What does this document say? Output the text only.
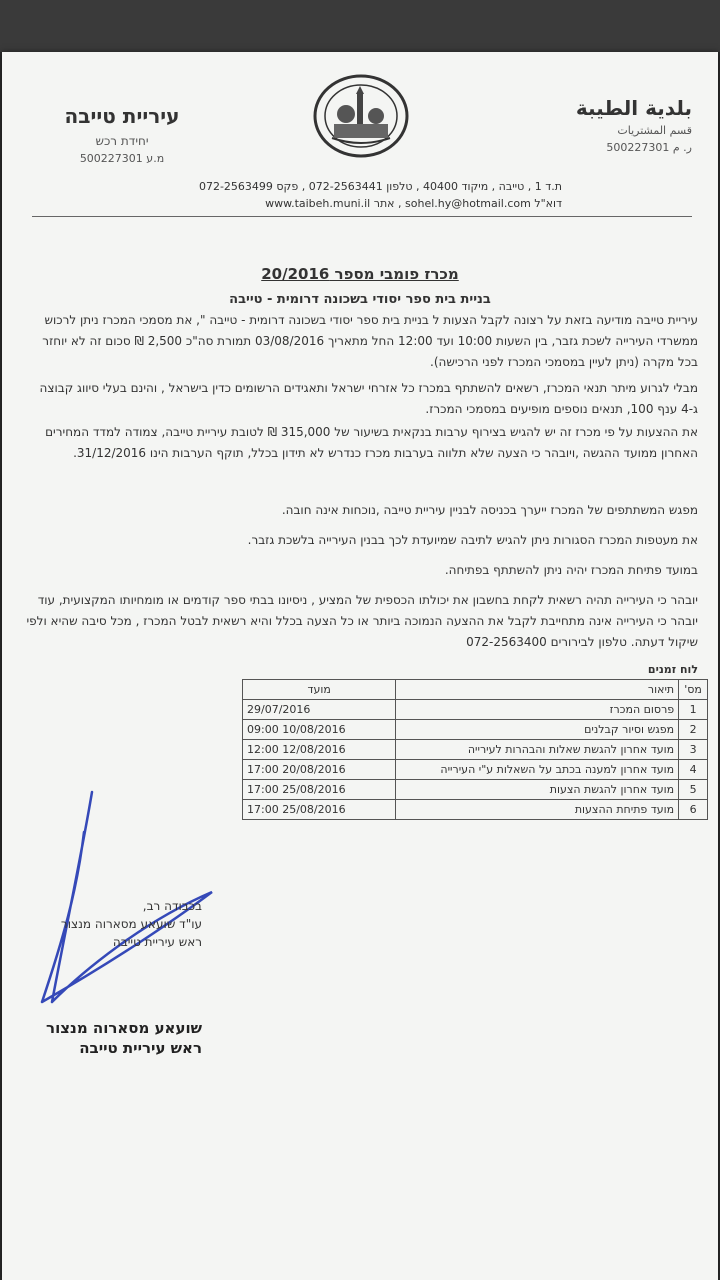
بلدية الطيبة
قسم المشتريات
ر. م 500227301
עיריית טייבה
יחידת רכש
מ.ע 500227301
ת.ד 1 , טייבה , מיקוד 40400 , טלפון 072-2563441 , פקס 072-2563499
דוא"ל sohel.hy@hotmail.com , אתר www.taibeh.muni.il
מכרז פומבי מספר 20/2016
בניית בית ספר יסודי בשכונה דרומית - טייבה
עיריית טייבה מודיעה בזאת על רצונה לקבל הצעות ל בניית בית ספר יסודי בשכונה דרומית - טייבה ", את מסמכי המכרז ניתן לרכוש ממשרדי העירייה לשכת גזבר, בין השעות 10:00 ועד 12:00 החל מתאריך 03/08/2016 תמורת סה"כ 2,500 ₪ סכום זה לא יוחזר בכל מקרה (ניתן לעיין במסמכי המכרז לפני הרכישה).
מבלי לגרוע מיתר תנאי המכרז, רשאים להשתתף במכרז כל אזרחי ישראל ותאגידים הרשומים כדין בישראל , והינם בעלי סיווג קבוצה ג-4 ענף 100, תנאים נוספים מופיעים במסמכי המכרז.
את ההצעות על פי מכרז זה יש להגיש בצירוף ערבות בנקאית בשיעור של 315,000 ₪ לטובת עיריית טייבה, צמודה למדד המחירים האחרון ממועד ההגשה ,ויובהר כי הצעה שלא תלווה בערבות מכרז כנדרש לא תידון בכלל, תוקף הערבות הינו 31/12/2016.
מפגש המשתתפים של המכרז ייערך בכניסה לבניין עיריית טייבה ,נוכחות אינה חובה.
את מעטפות המכרז הסגורות ניתן להגיש לתיבה שמיועדת לכך בבנין העירייה בלשכת גזבר.
במועד פתיחת המכרז יהיה ניתן להשתתף בפתיחה.
יובהר כי העירייה תהיה רשאית לקחת בחשבון את יכולתו הכספית של המציע , ניסיונו בבתי ספר קודמים או מומחיותו המקצועית, עוד יובהר כי העירייה אינה מתחייבת לקבל את ההצעה הנמוכה ביותר או כל הצעה בכלל והיא רשאית לבטל המכרז , מכל סיבה שהיא ולפי שיקול דעתה. טלפון לבירורים 072-2563400
לוח זמנים
מס'	תיאור	מועד
1	פרסום המכרז	29/07/2016
2	מפגש וסיור קבלנים	10/08/2016 09:00
3	מועד אחרון להגשת שאלות והבהרות לעירייה	12/08/2016 12:00
4	מועד אחרון למענה בכתב על השאלות ע"י העירייה	20/08/2016 17:00
5	מועד אחרון להגשת הצעות	25/08/2016 17:00
6	מועד פתיחת ההצעות	25/08/2016 17:00
בכבודה רב,
עו"ד שועאע מסארוה מנצור
ראש עיריית טייבה
שועאע מסארוה מנצור
ראש עיריית טייבה
